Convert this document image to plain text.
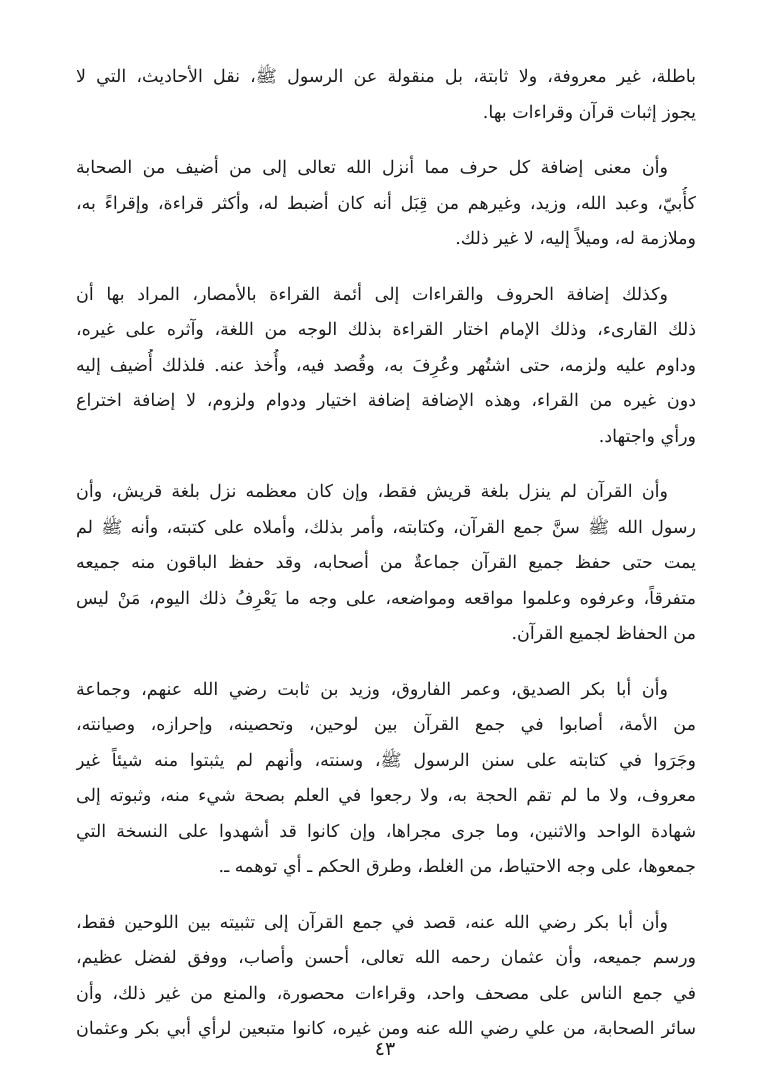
باطلة، غير معروفة، ولا ثابتة، بل منقولة عن الرسول ﷺ، نقل الأحاديث، التي لا
يجوز إثبات قرآن وقراءات بها.
وأن معنى إضافة كل حرف مما أنزل الله تعالى إلى من أضيف من الصحابة
كأُبيّ، وعبد الله، وزيد، وغيرهم من قِبَل أنه كان أضبط له، وأكثر قراءة، وإقراءً به،
وملازمة له، وميلاً إليه، لا غير ذلك.
وكذلك إضافة الحروف والقراءات إلى أئمة القراءة بالأمصار، المراد بها أن
ذلك القارىء، وذلك الإمام اختار القراءة بذلك الوجه من اللغة، وآثره على غيره،
وداوم عليه ولزمه، حتى اشتُهر وعُرِفَ به، وقُصد فيه، وأُخذ عنه. فلذلك أُضيف إليه
دون غيره من القراء، وهذه الإضافة إضافة اختيار ودوام ولزوم، لا إضافة اختراع
ورأي واجتهاد.
وأن القرآن لم ينزل بلغة قريش فقط، وإن كان معظمه نزل بلغة قريش، وأن
رسول الله ﷺ سنَّ جمع القرآن، وكتابته، وأمر بذلك، وأملاه على كتبته، وأنه ﷺ لم
يمت حتى حفظ جميع القرآن جماعةٌ من أصحابه، وقد حفظ الباقون منه جميعه
متفرقاً، وعرفوه وعلموا مواقعه ومواضعه، على وجه ما يَعْرِفُ ذلك اليوم، مَنْ ليس
من الحفاظ لجميع القرآن.
وأن أبا بكر الصديق، وعمر الفاروق، وزيد بن ثابت رضي الله عنهم، وجماعة
من الأمة، أصابوا في جمع القرآن بين لوحين، وتحصينه، وإحرازه، وصيانته،
وجَرَوا في كتابته على سنن الرسول ﷺ، وسنته، وأنهم لم يثبتوا منه شيئاً غير
معروف، ولا ما لم تقم الحجة به، ولا رجعوا في العلم بصحة شيء منه، وثبوته إلى
شهادة الواحد والاثنين، وما جرى مجراها، وإن كانوا قد أشهدوا على النسخة التي
جمعوها، على وجه الاحتياط، من الغلط، وطرق الحكم ـ أي توهمه ـ.
وأن أبا بكر رضي الله عنه، قصد في جمع القرآن إلى تثبيته بين اللوحين فقط،
ورسم جميعه، وأن عثمان رحمه الله تعالى، أحسن وأصاب، ووفق لفضل عظيم،
في جمع الناس على مصحف واحد، وقراءات محصورة، والمنع من غير ذلك، وأن
سائر الصحابة، من علي رضي الله عنه ومن غيره، كانوا متبعين لرأي أبي بكر وعثمان
٤٣
